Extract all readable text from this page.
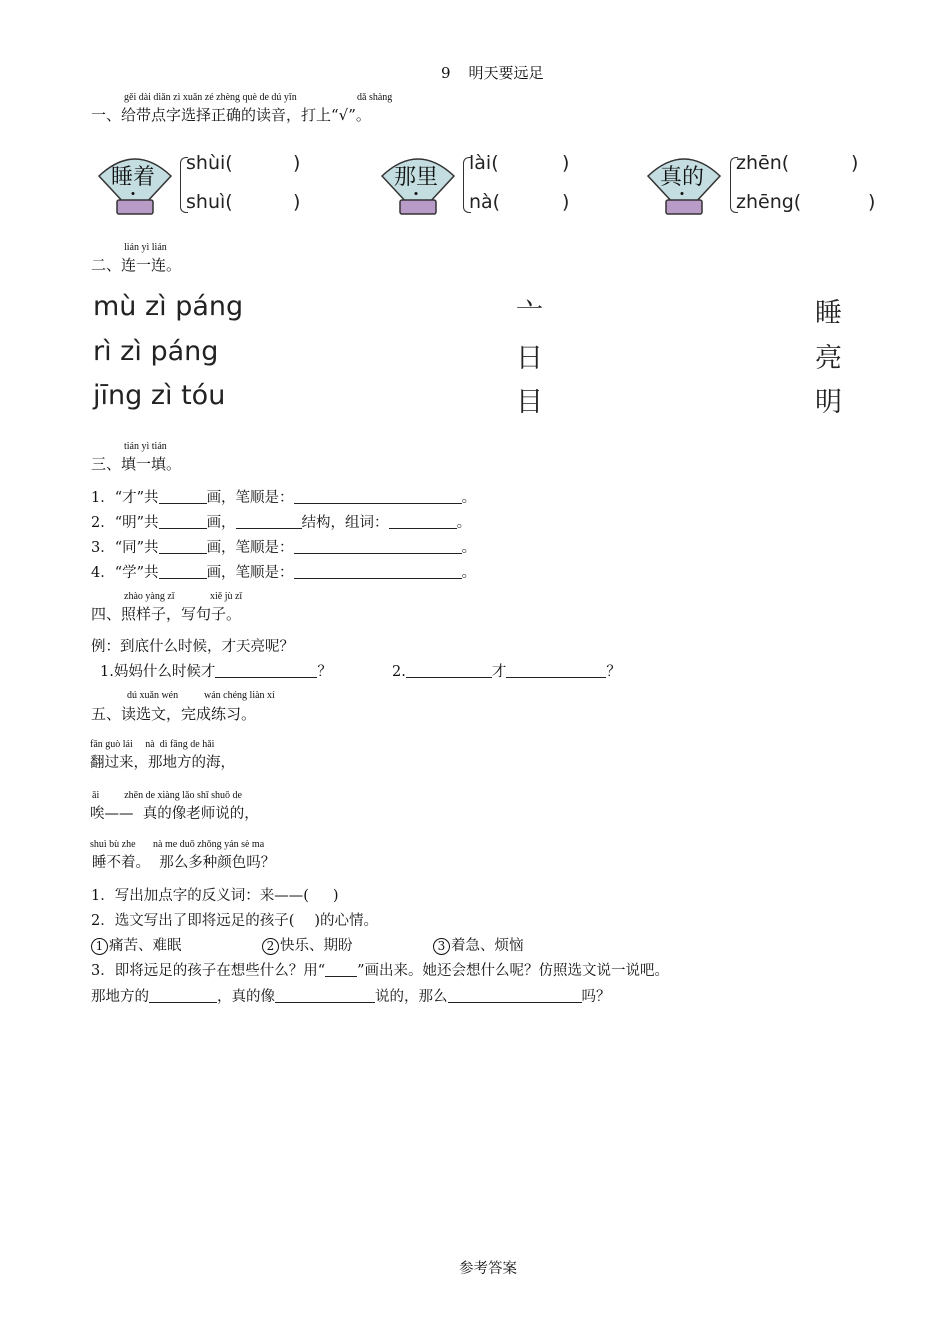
9 明天要远足
gěi dài diǎn zì xuǎn zé zhèng què de dú yīn	dǎ shàng
一、给带点字选择正确的读音，打上“√”。
睡着
shùi(	)
shuì(	)
那里
lài(	)
nà(	)
真的
zhēn(	)
zhēng(	)
lián yì lián
二、连一连。
mù zì páng
rì zì páng
jīng zì tóu
亠
日
目
睡
亮
明
tián yì tián
三、填一填。
1．“才”共	画，笔顺是：	。
2．“明”共	画，	结构，组词：	。
3．“同”共	画，笔顺是：	。
4．“学”共	画，笔顺是：	。
zhào yàng zǐ	xiě jù zǐ
四、照样子，写句子。
例：到底什么时候，才天亮呢？
1.妈妈什么时候才	？	2.	才	？
dú xuǎn wén	wán chéng liàn xí
五、读选文，完成练习。
fān guò lái     nà  dì fāng de hǎi
翻过来，那地方的海，
āi          zhēn de xiàng lǎo shī shuō de
唉——  真的像老师说的，
shuì bù zhe       nà me duō zhǒng yán sè ma
睡不着。  那么多种颜色吗？
1．写出加点字的反义词：来——( )
2．选文写出了即将远足的孩子( )的心情。
1 痛苦、难眠	2 快乐、期盼	3 着急、烦恼
3．即将远足的孩子在想些什么？用“ ”画出来。她还会想什么呢？仿照选文说一说吧。
那地方的	，真的像	说的，那么	吗？
参考答案
